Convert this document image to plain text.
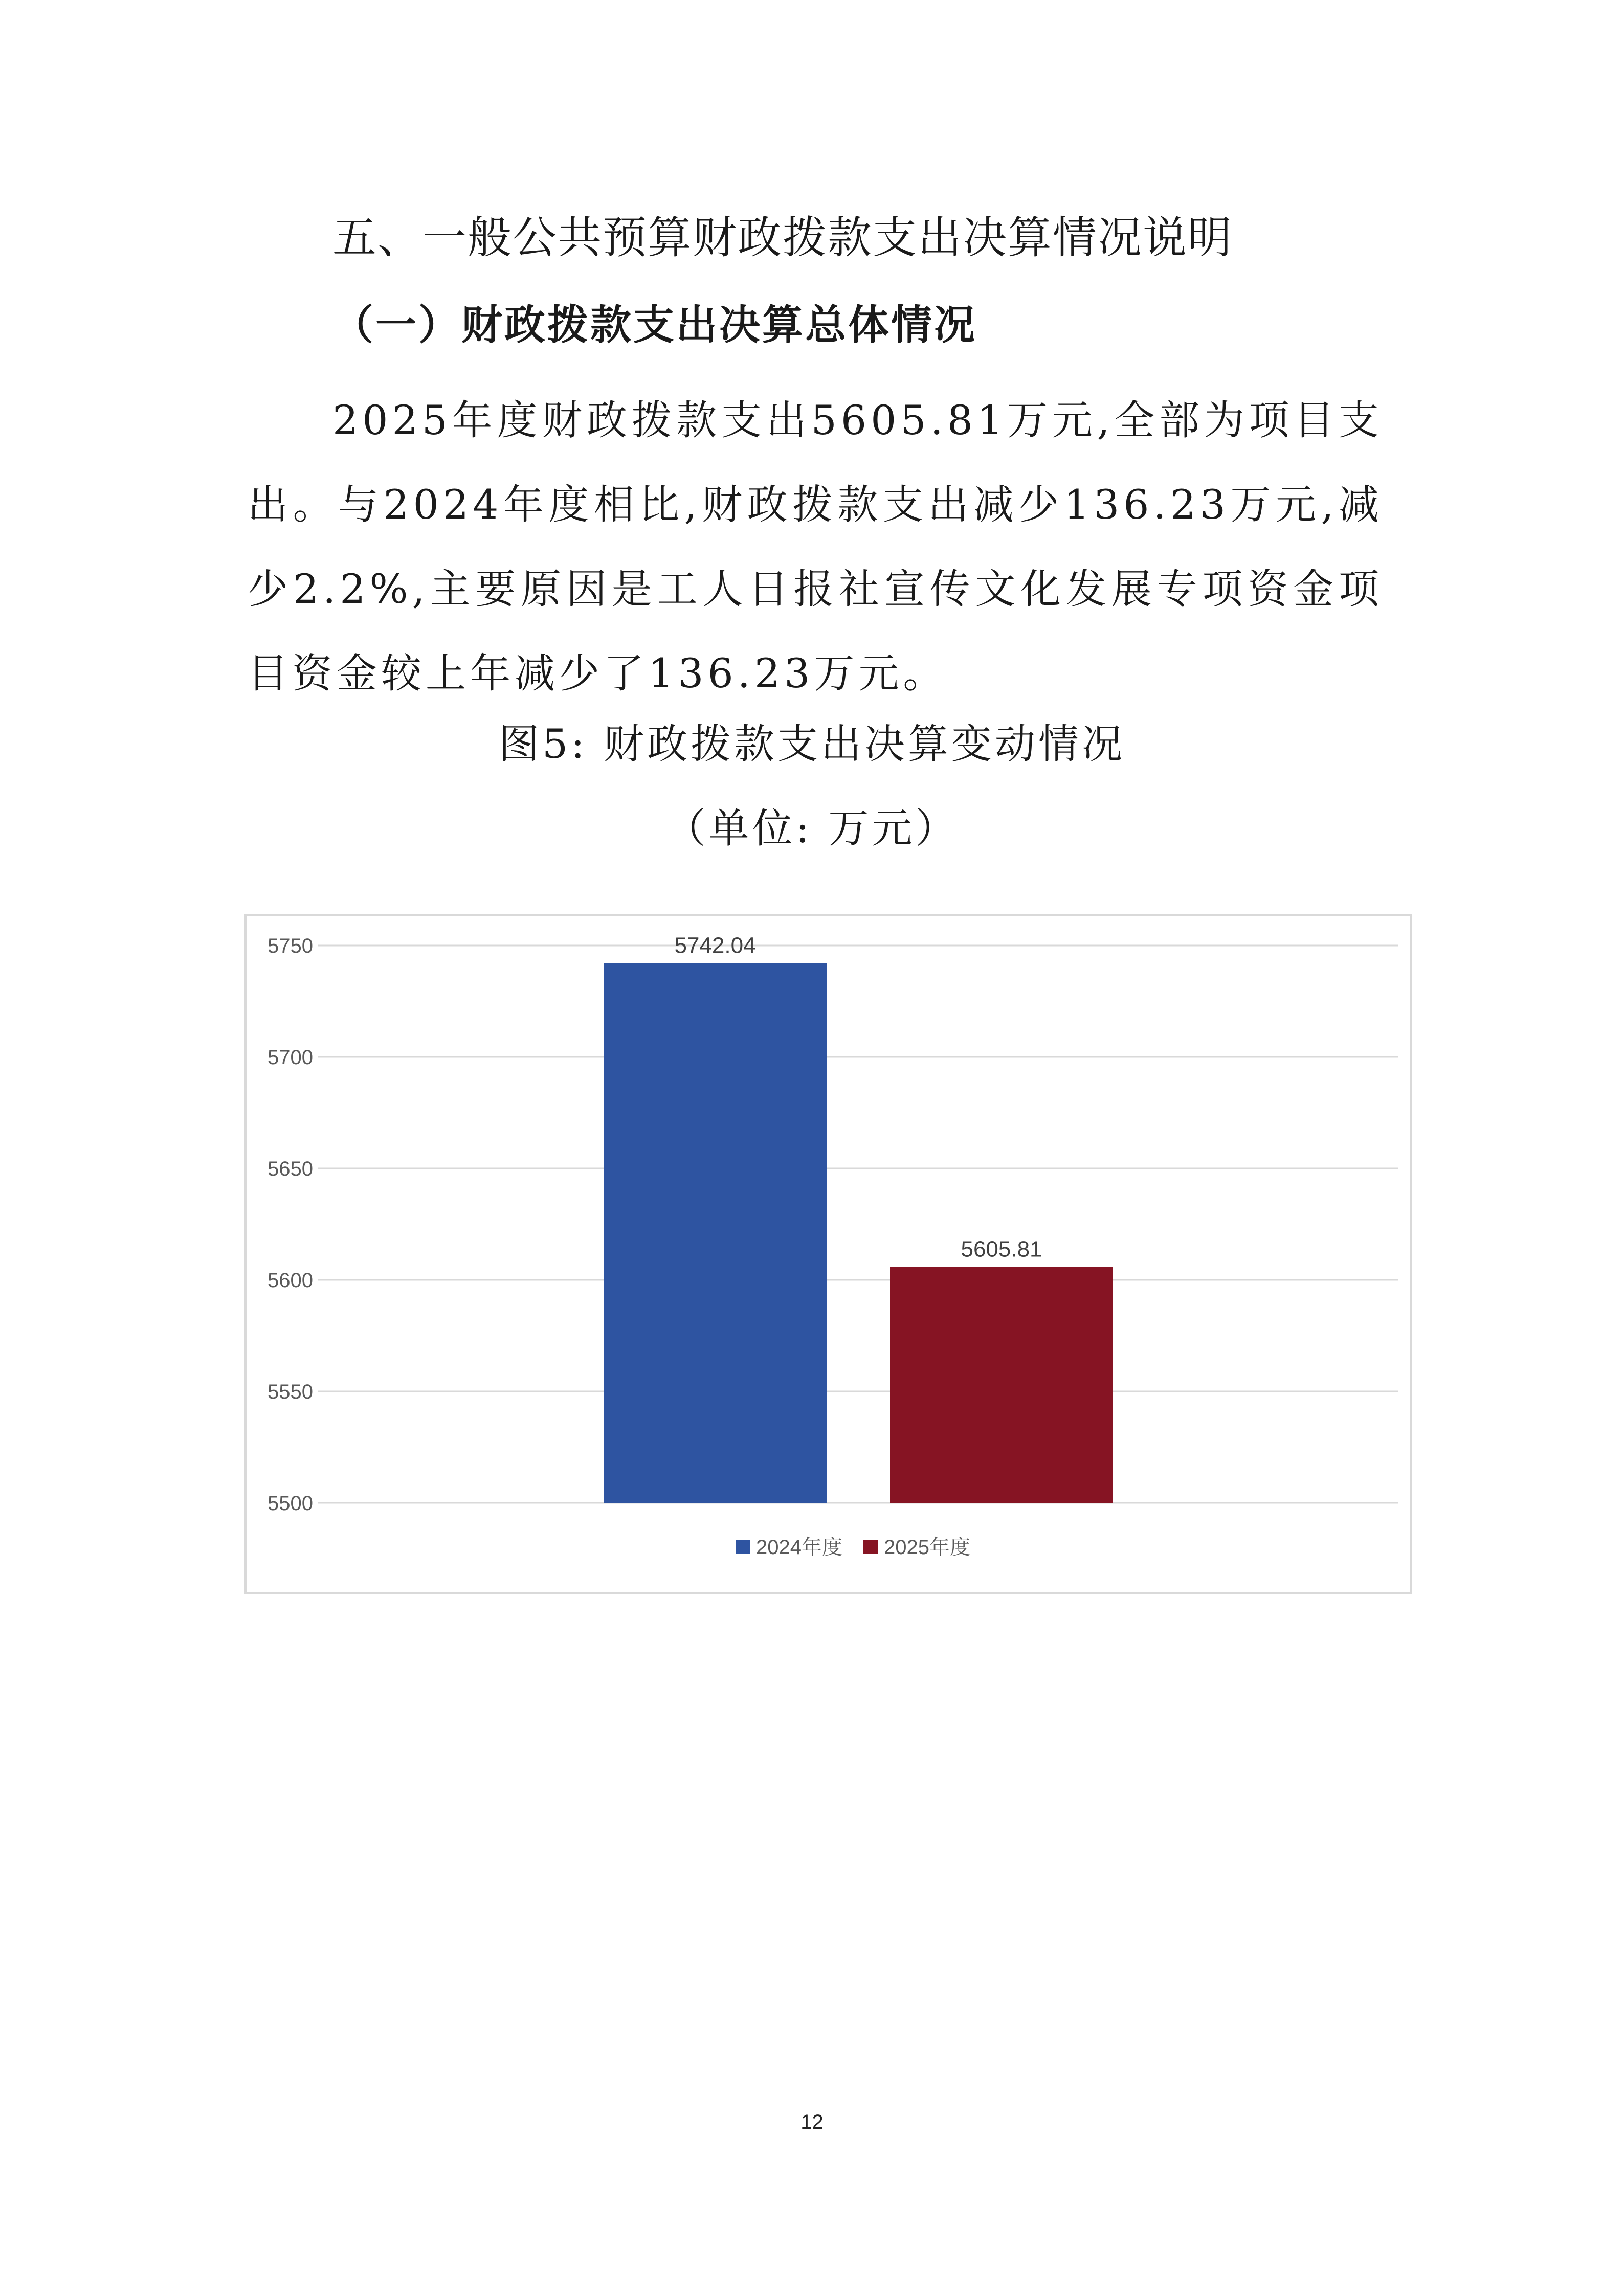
五、一般公共预算财政拨款支出决算情况说明
（一）财政拨款支出决算总体情况
2025年度财政拨款支出5605.81万元,全部为项目支出。与2024年度相比,财政拨款支出减少136.23万元,减少2.2%,主要原因是工人日报社宣传文化发展专项资金项目资金较上年减少了136.23万元。
图5: 财政拨款支出决算变动情况
（单位: 万元）
5500
5550
5600
5650
5700
5750	5742.04
5605.81
2024年度 2025年度
12
